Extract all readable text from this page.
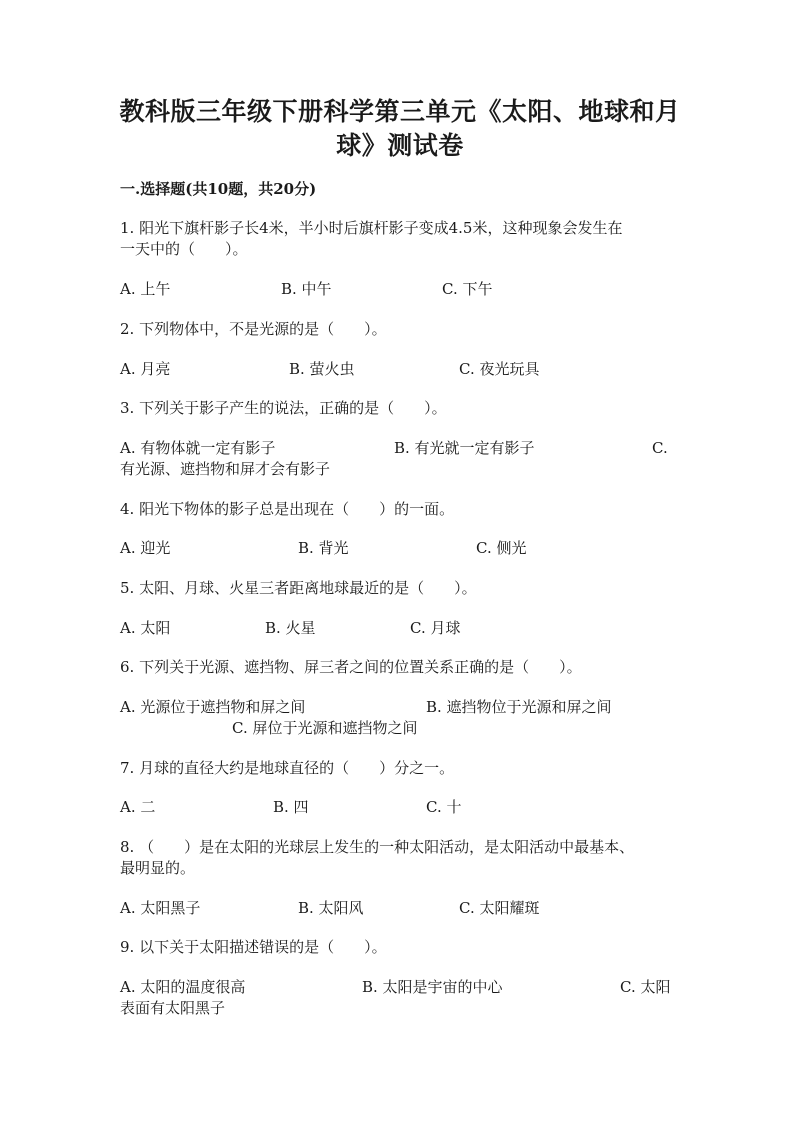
教科版三年级下册科学第三单元《太阳、地球和月
球》测试卷
一.选择题(共10题，共20分)
1. 阳光下旗杆影子长4米，半小时后旗杆影子变成4.5米，这种现象会发生在
一天中的（　　）。
A. 上午	B. 中午	C. 下午
2. 下列物体中，不是光源的是（　　）。
A. 月亮	B. 萤火虫	C. 夜光玩具
3. 下列关于影子产生的说法，正确的是（　　）。
A. 有物体就一定有影子	B. 有光就一定有影子	C.
有光源、遮挡物和屏才会有影子
4. 阳光下物体的影子总是出现在（　　）的一面。
A. 迎光	B. 背光	C. 侧光
5. 太阳、月球、火星三者距离地球最近的是（　　）。
A. 太阳	B. 火星	C. 月球
6. 下列关于光源、遮挡物、屏三者之间的位置关系正确的是（　　）。
A. 光源位于遮挡物和屏之间	B. 遮挡物位于光源和屏之间
C. 屏位于光源和遮挡物之间
7. 月球的直径大约是地球直径的（　　）分之一。
A. 二	B. 四	C. 十
8. （　　）是在太阳的光球层上发生的一种太阳活动，是太阳活动中最基本、
最明显的。
A. 太阳黑子	B. 太阳风	C. 太阳耀斑
9. 以下关于太阳描述错误的是（　　）。
A. 太阳的温度很高	B. 太阳是宇宙的中心	C. 太阳
表面有太阳黑子
